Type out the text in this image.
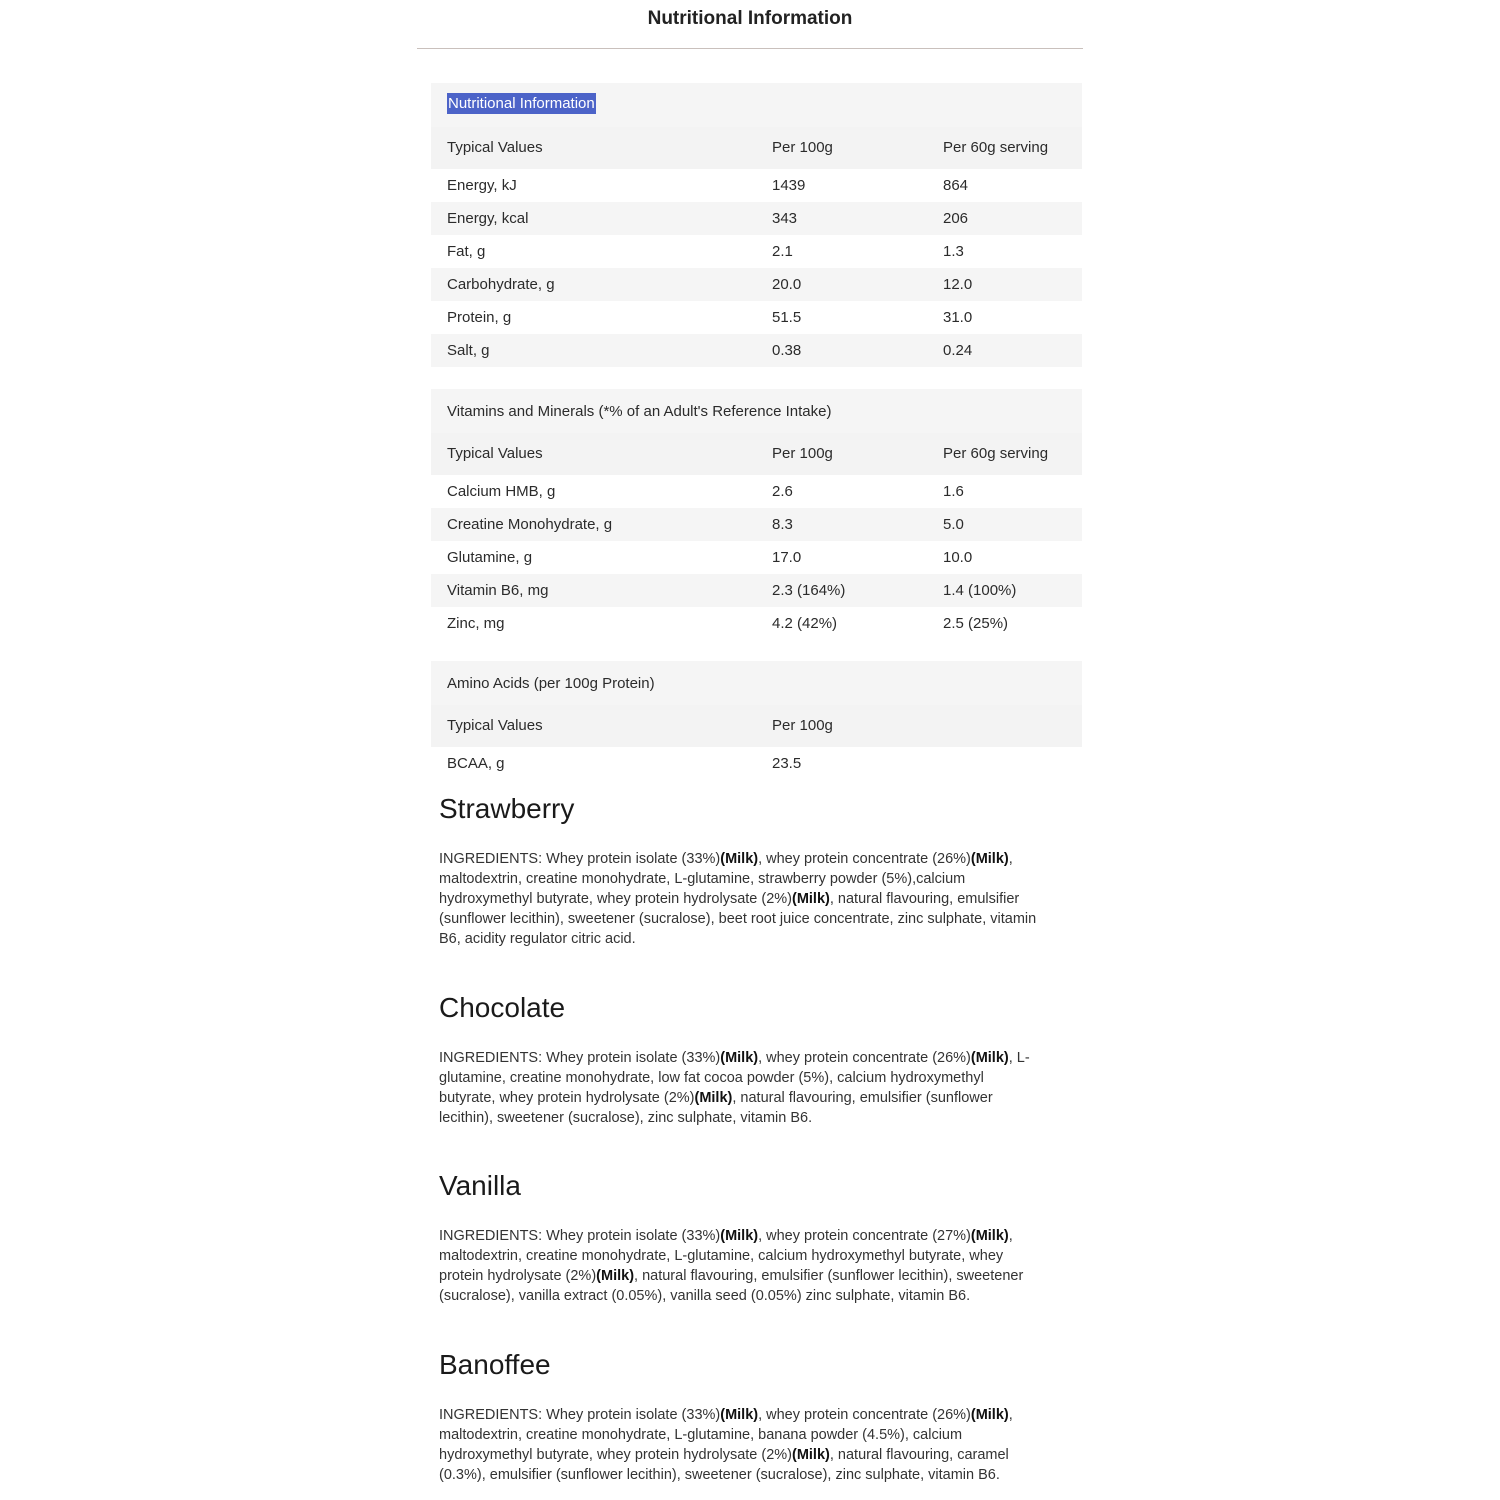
Nutritional Information
Nutritional Information
Typical Values	Per 100g	Per 60g serving
Energy, kJ	1439	864
Energy, kcal	343	206
Fat, g	2.1	1.3
Carbohydrate, g	20.0	12.0
Protein, g	51.5	31.0
Salt, g	0.38	0.24
Vitamins and Minerals (*% of an Adult's Reference Intake)
Typical Values	Per 100g	Per 60g serving
Calcium HMB, g	2.6	1.6
Creatine Monohydrate, g	8.3	5.0
Glutamine, g	17.0	10.0
Vitamin B6, mg	2.3 (164%)	1.4 (100%)
Zinc, mg	4.2 (42%)	2.5 (25%)
Amino Acids (per 100g Protein)
Typical Values	Per 100g
BCAA, g	23.5
Strawberry

INGREDIENTS: Whey protein isolate (33%)(Milk), whey protein concentrate (26%)(Milk),
maltodextrin, creatine monohydrate, L-glutamine, strawberry powder (5%),calcium
hydroxymethyl butyrate, whey protein hydrolysate (2%)(Milk), natural flavouring, emulsifier
(sunflower lecithin), sweetener (sucralose), beet root juice concentrate, zinc sulphate, vitamin
B6, acidity regulator citric acid.

Chocolate

INGREDIENTS: Whey protein isolate (33%)(Milk), whey protein concentrate (26%)(Milk), L-
glutamine, creatine monohydrate, low fat cocoa powder (5%), calcium hydroxymethyl
butyrate, whey protein hydrolysate (2%)(Milk), natural flavouring, emulsifier (sunflower
lecithin), sweetener (sucralose), zinc sulphate, vitamin B6.

Vanilla

INGREDIENTS: Whey protein isolate (33%)(Milk), whey protein concentrate (27%)(Milk),
maltodextrin, creatine monohydrate, L-glutamine, calcium hydroxymethyl butyrate, whey
protein hydrolysate (2%)(Milk), natural flavouring, emulsifier (sunflower lecithin), sweetener
(sucralose), vanilla extract (0.05%), vanilla seed (0.05%) zinc sulphate, vitamin B6.

Banoffee

INGREDIENTS: Whey protein isolate (33%)(Milk), whey protein concentrate (26%)(Milk),
maltodextrin, creatine monohydrate, L-glutamine, banana powder (4.5%), calcium
hydroxymethyl butyrate, whey protein hydrolysate (2%)(Milk), natural flavouring, caramel
(0.3%), emulsifier (sunflower lecithin), sweetener (sucralose), zinc sulphate, vitamin B6.
